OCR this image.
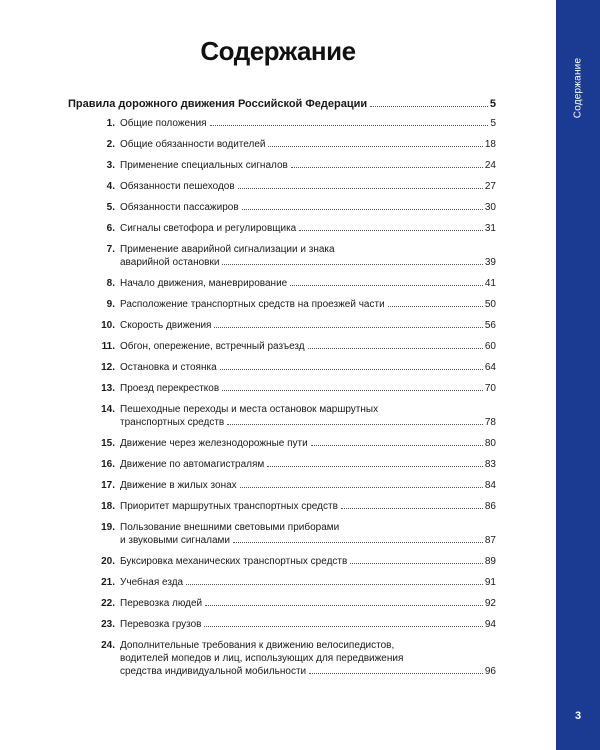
Содержание
3
Содержание
Правила дорожного движения Российской Федерации	5
1. Общие положения	5
2. Общие обязанности водителей	18
3. Применение специальных сигналов	24
4. Обязанности пешеходов	27
5. Обязанности пассажиров	30
6. Сигналы светофора и регулировщика	31
7. Применение аварийной сигнализации и знака
аварийной остановки	39
8. Начало движения, маневрирование	41
9. Расположение транспортных средств на проезжей части	50
10. Скорость движения	56
11. Обгон, опережение, встречный разъезд	60
12. Остановка и стоянка	64
13. Проезд перекрестков	70
14. Пешеходные переходы и места остановок маршрутных
транспортных средств	78
15. Движение через железнодорожные пути	80
16. Движение по автомагистралям	83
17. Движение в жилых зонах	84
18. Приоритет маршрутных транспортных средств	86
19. Пользование внешними световыми приборами
и звуковыми сигналами	87
20. Буксировка механических транспортных средств	89
21. Учебная езда	91
22. Перевозка людей	92
23. Перевозка грузов	94
24. Дополнительные требования к движению велосипедистов,
водителей мопедов и лиц, использующих для передвижения
средства индивидуальной мобильности	96
